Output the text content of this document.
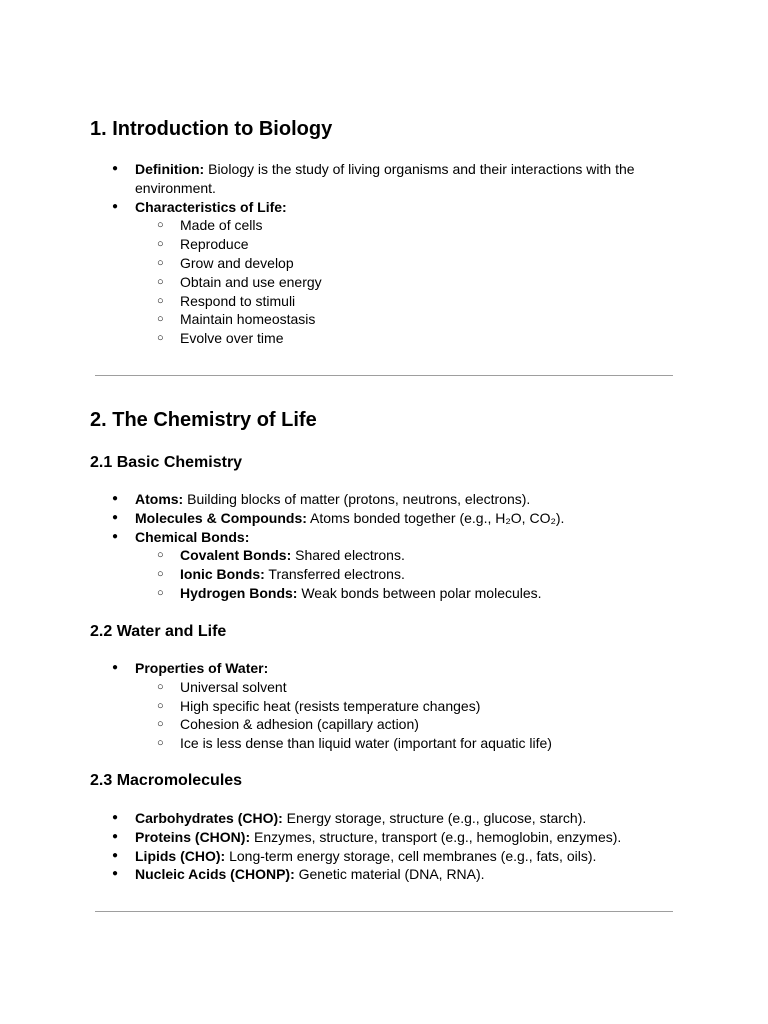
1. Introduction to Biology
● Definition: Biology is the study of living organisms and their interactions with the environment.
● Characteristics of Life:
○ Made of cells
○ Reproduce
○ Grow and develop
○ Obtain and use energy
○ Respond to stimuli
○ Maintain homeostasis
○ Evolve over time
2. The Chemistry of Life
2.1 Basic Chemistry
● Atoms: Building blocks of matter (protons, neutrons, electrons).
● Molecules & Compounds: Atoms bonded together (e.g., H₂O, CO₂).
● Chemical Bonds:
○ Covalent Bonds: Shared electrons.
○ Ionic Bonds: Transferred electrons.
○ Hydrogen Bonds: Weak bonds between polar molecules.
2.2 Water and Life
● Properties of Water:
○ Universal solvent
○ High specific heat (resists temperature changes)
○ Cohesion & adhesion (capillary action)
○ Ice is less dense than liquid water (important for aquatic life)
2.3 Macromolecules
● Carbohydrates (CHO): Energy storage, structure (e.g., glucose, starch).
● Proteins (CHON): Enzymes, structure, transport (e.g., hemoglobin, enzymes).
● Lipids (CHO): Long-term energy storage, cell membranes (e.g., fats, oils).
● Nucleic Acids (CHONP): Genetic material (DNA, RNA).
